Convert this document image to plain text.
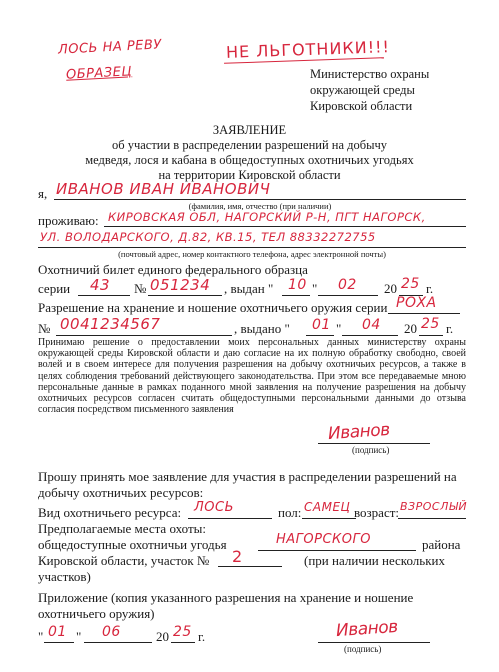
ЛОСЬ НА РЕВУ
ОБРАЗЕЦ
НЕ ЛЬГОТНИКИ!!!
Министерство охраны
окружающей среды
Кировской области
ЗАЯВЛЕНИЕ
об участии в распределении разрешений на добычу
медведя, лося и кабана в общедоступных охотничьих угодьях
на территории Кировской области
я, ИВАНОВ ИВАН ИВАНОВИЧ
(фамилия, имя, отчество (при наличии)
проживаю: КИРОВСКАЯ ОБЛ, НАГОРСКИЙ Р-Н, ПГТ НАГОРСК,
УЛ. ВОЛОДАРСКОГО, Д.82, КВ.15, ТЕЛ 88332272755
(почтовый адрес, номер контактного телефона, адрес электронной почты)
Охотничий билет единого федерального образца
серии 43 № 051234 , выдан " 10 " 02 20 25 г.
Разрешение на хранение и ношение охотничьего оружия серии РОХА
№ 0041234567	, выдано " 01 " 04 20 25 г.
Принимаю решение о предоставлении моих персональных данных министерству охраны окружающей среды Кировской области и даю согласие на их полную обработку свободно, своей волей и в своем интересе для получения разрешения на добычу охотничьих ресурсов, а также в целях соблюдения требований действующего законодательства. При этом все передаваемые мною персональные данные в рамках поданного мной заявления на получение разрешения на добычу охотничьих ресурсов согласен считать общедоступными персональными данными до отзыва согласия посредством письменного заявления
Иванов
(подпись)
Прошу принять мое заявление для участия в распределении разрешений на
добычу охотничьих ресурсов:
Вид охотничьего ресурса: ЛОСЬ	пол: САМЕЦ возраст: ВЗРОСЛЫЙ
Предполагаемые места охоты:
общедоступные охотничьи угодья	НАГОРСКОГО	района
Кировской области, участок № 2	(при наличии нескольких
участков)
Приложение (копия указанного разрешения на хранение и ношение
охотничьего оружия)
" 01 " 06	20 25 г.	Иванов
(подпись)
